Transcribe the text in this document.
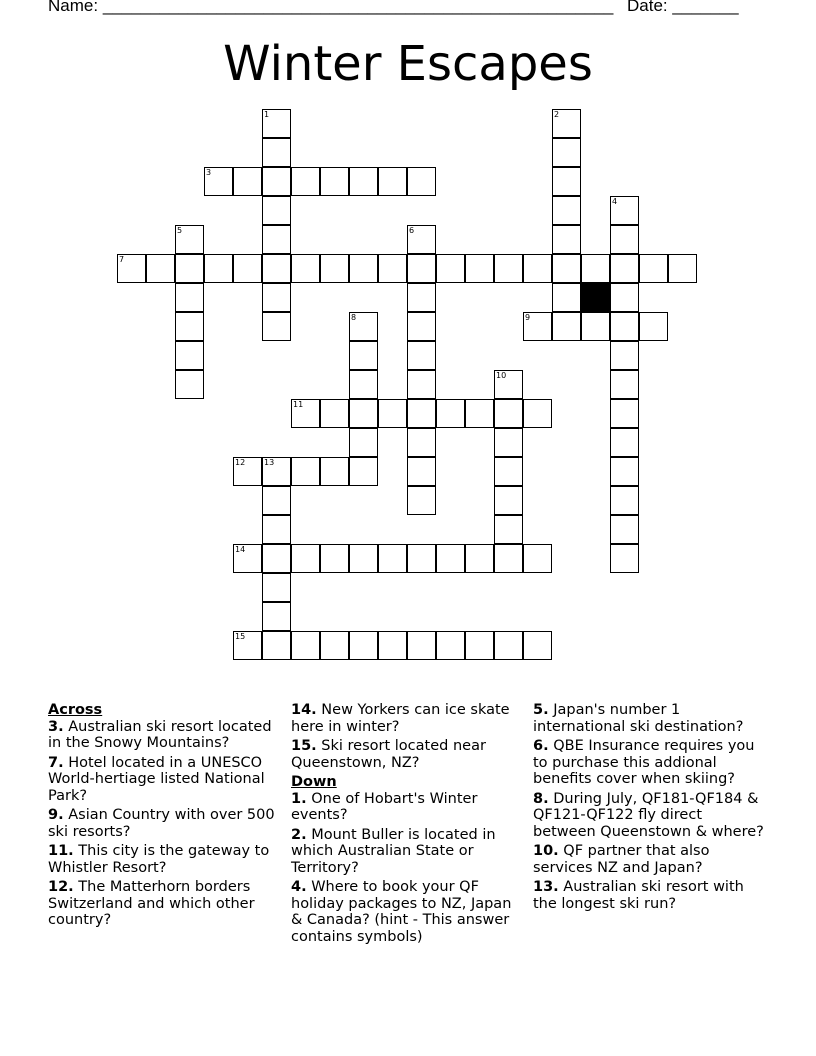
Name: ______________________________________________________ Date: _______
Winter Escapes
1	2
3
4
5	6
7
8	9
10
11
12 13
14
15
Across
3. Australian ski resort located in the Snowy Mountains?
7. Hotel located in a UNESCO World-hertiage listed National Park?
9. Asian Country with over 500 ski resorts?
11. This city is the gateway to Whistler Resort?
12. The Matterhorn borders Switzerland and which other country?
14. New Yorkers can ice skate here in winter?
15. Ski resort located near Queenstown, NZ?
Down
1. One of Hobart's Winter events?
2. Mount Buller is located in which Australian State or Territory?
4. Where to book your QF holiday packages to NZ, Japan & Canada? (hint - This answer contains symbols)
5. Japan's number 1 international ski destination?
6. QBE Insurance requires you to purchase this addional benefits cover when skiing?
8. During July, QF181-QF184 & QF121-QF122 fly direct between Queenstown & where?
10. QF partner that also services NZ and Japan?
13. Australian ski resort with the longest ski run?
